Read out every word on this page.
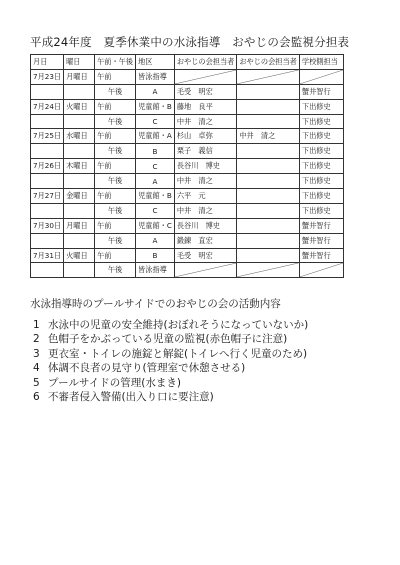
平成24年度　夏季休業中の水泳指導　おやじの会監視分担表
月日	曜日	午前・午後	地区	おやじの会担当者	おやじの会担当者	学校側担当
7月23日	月曜日	午前	皆泳指導	

		午後	A	毛受　明宏		蟹井智行
7月24日	火曜日	午前	児童館・B	藤地　良平		下出修史
		午後	C	中井　清之		下出修史
7月25日	水曜日	午前	児童館・A	杉山　卓弥	中井　清之	下出修史
		午後	B	栗子　義信		下出修史
7月26日	木曜日	午前	C	長谷川　博史		下出修史
		午後	A	中井　清之		下出修史
7月27日	金曜日	午前	児童館・B	六平　元		下出修史
		午後	C	中井　清之		下出修史
7月30日	月曜日	午前	児童館・C	長谷川　博史		蟹井智行
		午後	A	鍛錬　直宏		蟹井智行
7月31日	火曜日	午前	B	毛受　明宏		蟹井智行
		午後	皆泳指導	

水泳指導時のプールサイドでのおやじの会の活動内容
1 水泳中の児童の安全維持(おぼれそうになっていないか)
2 色帽子をかぶっている児童の監視(赤色帽子に注意)
3 更衣室・トイレの施錠と解錠(トイレへ行く児童のため)
4 体調不良者の見守り(管理室で休憩させる)
5 プールサイドの管理(水まき)
6 不審者侵入警備(出入り口に要注意)
